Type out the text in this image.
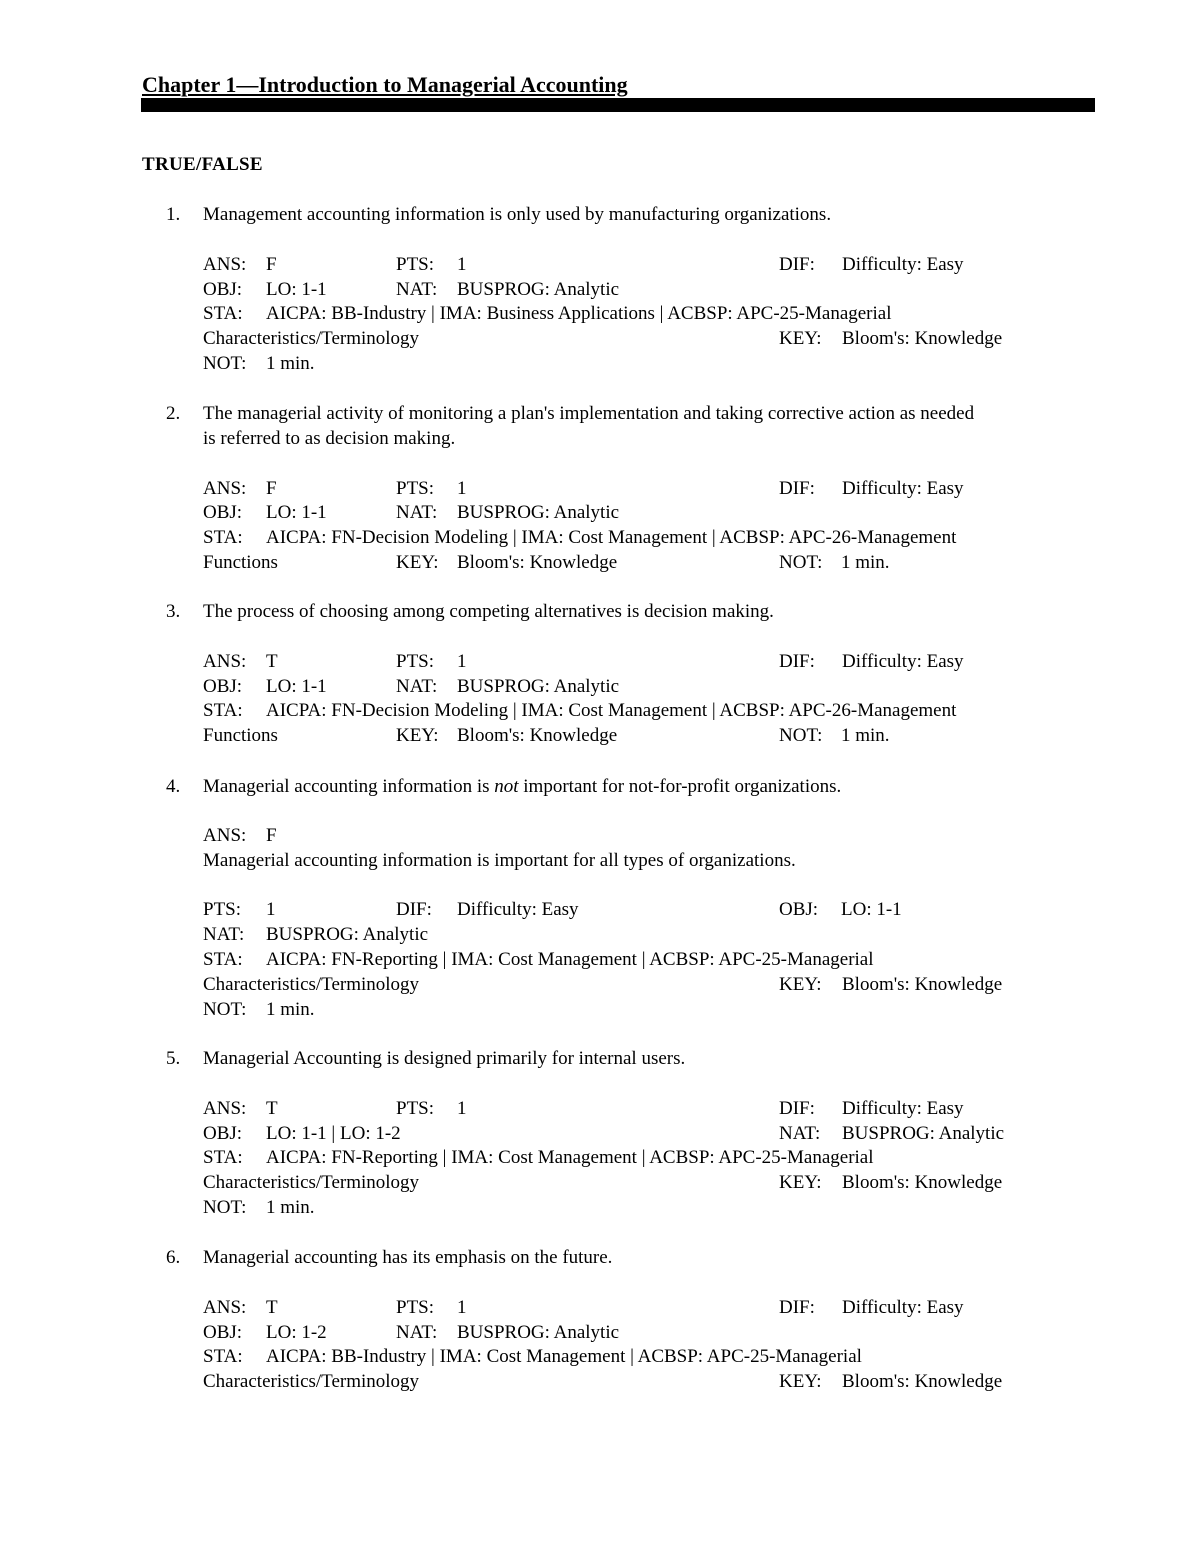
Chapter 1—Introduction to Managerial Accounting
TRUE/FALSE
1.	Management accounting information is only used by manufacturing organizations.

ANS: F	PTS: 1	DIF: Difficulty: Easy
OBJ: LO: 1-1	NAT: BUSPROG: Analytic
STA: AICPA: BB-Industry | IMA: Business Applications | ACBSP: APC-25-Managerial
Characteristics/Terminology	KEY: Bloom's: Knowledge
NOT: 1 min.
2.	The managerial activity of monitoring a plan's implementation and taking corrective action as needed

is referred to as decision making.

ANS: F	PTS: 1	DIF: Difficulty: Easy
OBJ: LO: 1-1	NAT: BUSPROG: Analytic
STA: AICPA: FN-Decision Modeling | IMA: Cost Management | ACBSP: APC-26-Management
Functions	KEY: Bloom's: Knowledge	NOT: 1 min.
3.	The process of choosing among competing alternatives is decision making.

ANS: T	PTS: 1	DIF: Difficulty: Easy
OBJ: LO: 1-1	NAT: BUSPROG: Analytic
STA: AICPA: FN-Decision Modeling | IMA: Cost Management | ACBSP: APC-26-Management
Functions	KEY: Bloom's: Knowledge	NOT: 1 min.
4.	Managerial accounting information is not important for not-for-profit organizations.

ANS: F
Managerial accounting information is important for all types of organizations.
PTS: 1	DIF: Difficulty: Easy	OBJ: LO: 1-1
NAT: BUSPROG: Analytic
STA: AICPA: FN-Reporting | IMA: Cost Management | ACBSP: APC-25-Managerial
Characteristics/Terminology	KEY: Bloom's: Knowledge
NOT: 1 min.
5.	Managerial Accounting is designed primarily for internal users.

ANS: T	PTS: 1	DIF: Difficulty: Easy
OBJ: LO: 1-1 | LO: 1-2	NAT: BUSPROG: Analytic
STA: AICPA: FN-Reporting | IMA: Cost Management | ACBSP: APC-25-Managerial
Characteristics/Terminology	KEY: Bloom's: Knowledge
NOT: 1 min.
6.	Managerial accounting has its emphasis on the future.

ANS: T	PTS: 1	DIF: Difficulty: Easy
OBJ: LO: 1-2	NAT: BUSPROG: Analytic
STA: AICPA: BB-Industry | IMA: Cost Management | ACBSP: APC-25-Managerial
Characteristics/Terminology	KEY: Bloom's: Knowledge
